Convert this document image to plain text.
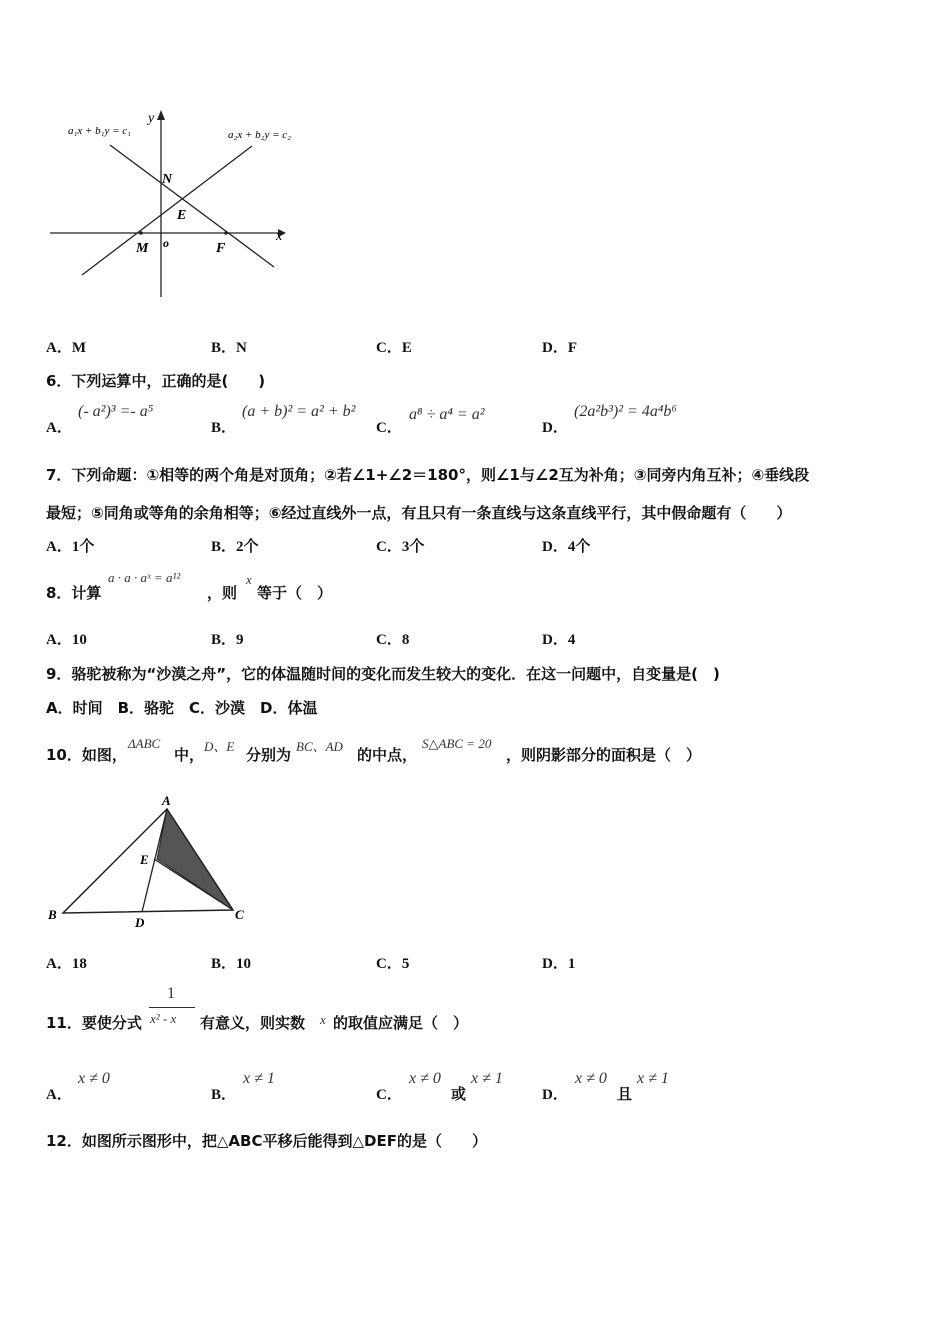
a₁x + b₁y = c₁	a₂x + b₂y = c₂
y
x
N
E
M o	F
A．M	B．N	C．E	D．F
6．下列运算中，正确的是(　　)
A．
(- a²)³ =- a⁵
B．
(a + b)² = a² + b²
C．
a⁸ ÷ a⁴ = a²
D．
(2a²b³)² = 4a⁴b⁶
7．下列命题：①相等的两个角是对顶角；②若∠1+∠2＝180°，则∠1与∠2互为补角；③同旁内角互补；④垂线段
最短；⑤同角或等角的余角相等；⑥经过直线外一点，有且只有一条直线与这条直线平行，其中假命题有（　　）
A．1个	B．2个	C．3个	D．4个
8．计算
a · a · aˣ = a¹²
，则
x
等于（　）
A．10	B．9	C．8	D．4
9．骆驼被称为“沙漠之舟”，它的体温随时间的变化而发生较大的变化．在这一问题中，自变量是(　)
A．时间　B．骆驼　C．沙漠　D．体温
10．如图，
ΔABC
中， D、E 分别为 BC、AD 的中点，
S△ABC = 20
，则阴影部分的面积是（　）
A
B	C
D
E
A．18	B．10	C．5	D．1
11．要使分式
1
x² - x 有意义，则实数 x 的取值应满足（　）
A．
x ≠ 0
B．
x ≠ 1
C．
x ≠ 0
或
x ≠ 1
D．
x ≠ 0
且
x ≠ 1
12．如图所示图形中，把△ABC平移后能得到△DEF的是（　　）
